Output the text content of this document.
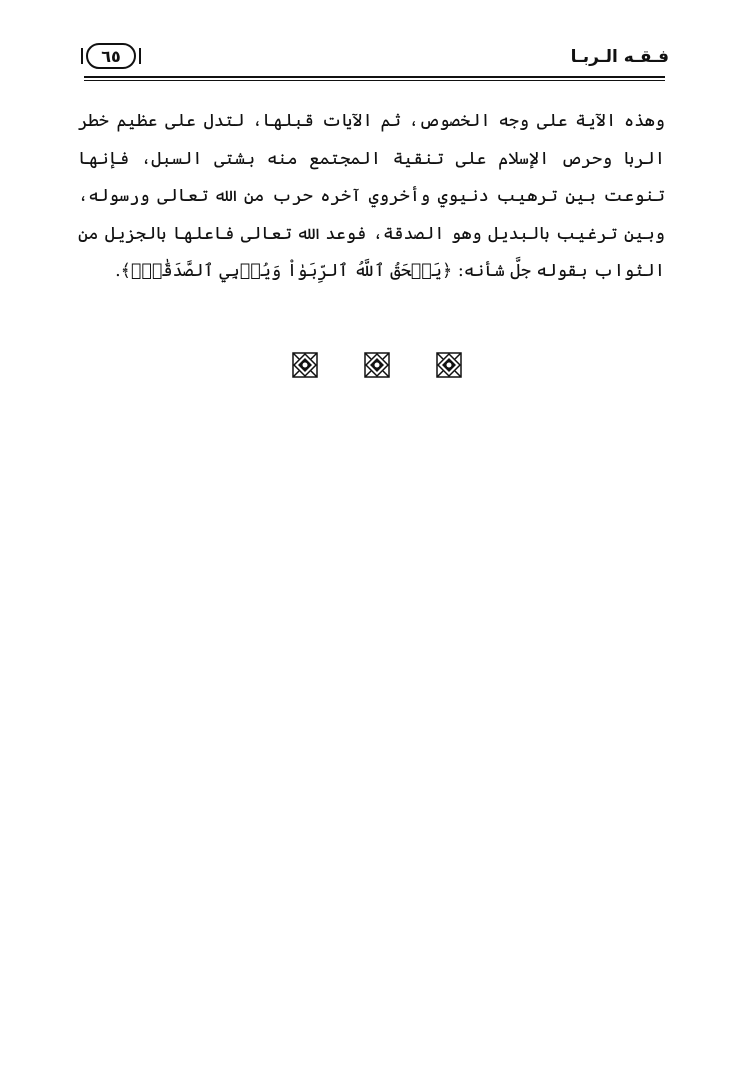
فـقـه الـربـا
٦٥
وهذه الآية على وجه الخصوص، ثم الآيات قبلها، لتدل على عظيم خطر الربا وحرص الإسلام على تنقية المجتمع منه بشتى السبل، فإنها تنوعت بين ترهيب دنيوي وأخروي آخره حرب من الله تعالى ورسوله، وبين ترغيب بالبديل وهو الصدقة، فوعد الله تعالى فاعلها بالجزيل من الثواب بقوله جلَّ شأنه: ﴿يَمۡحَقُ ٱللَّهُ ٱلرِّبَوٰاْ وَيُرۡبِي ٱلصَّدَقَٰتِۗ﴾.
